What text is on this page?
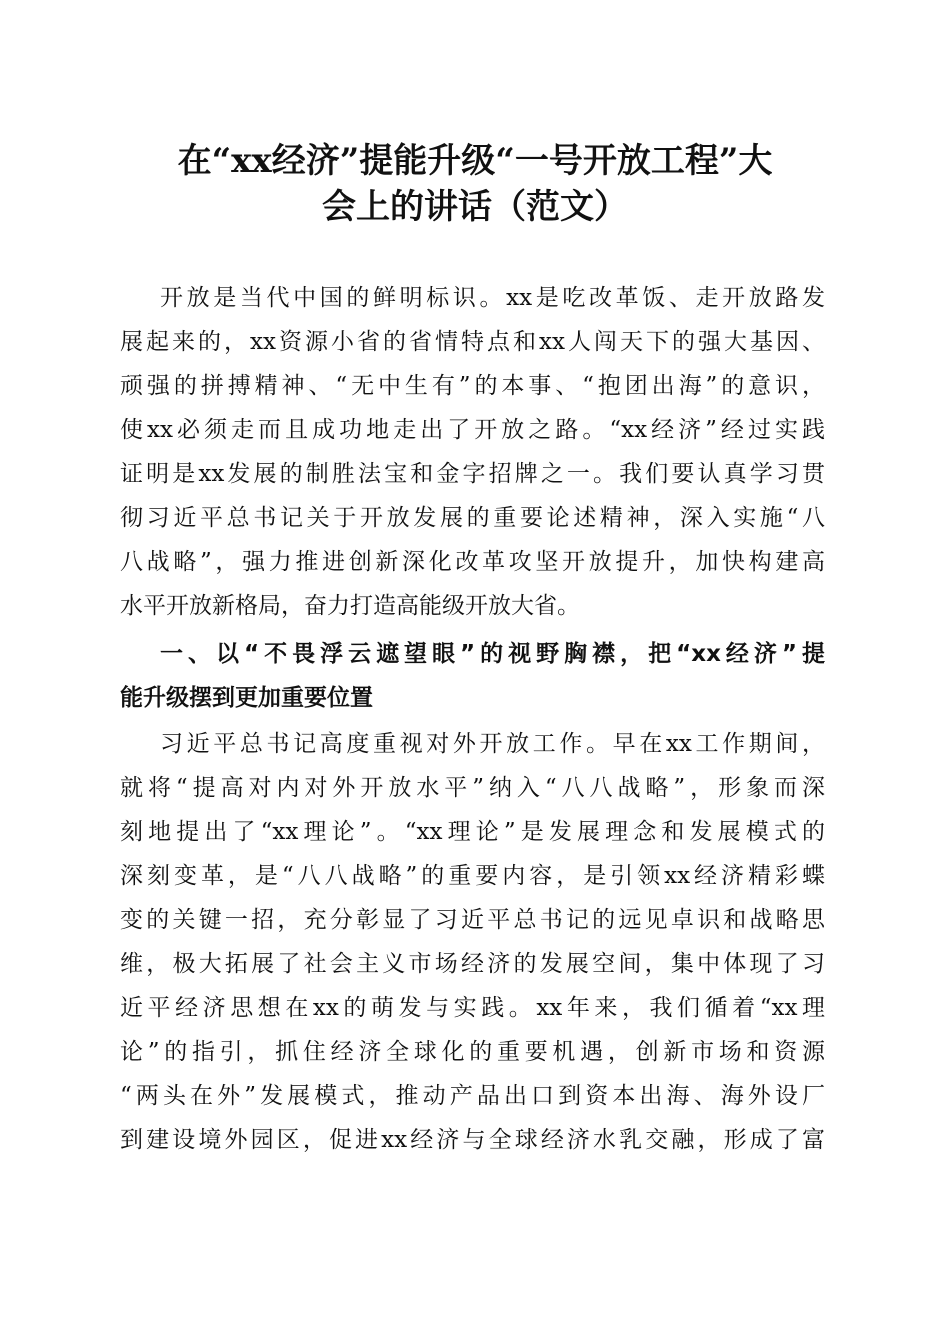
在“xx经济”提能升级“一号开放工程”大
会上的讲话（范文）
开放是当代中国的鲜明标识。xx是吃改革饭、走开放路发
展起来的，xx资源小省的省情特点和xx人闯天下的强大基因、
顽强的拼搏精神、“无中生有”的本事、“抱团出海”的意识，
使xx必须走而且成功地走出了开放之路。“xx经济”经过实践
证明是xx发展的制胜法宝和金字招牌之一。我们要认真学习贯
彻习近平总书记关于开放发展的重要论述精神，深入实施“八
八战略”，强力推进创新深化改革攻坚开放提升，加快构建高
水平开放新格局，奋力打造高能级开放大省。
一、以“不畏浮云遮望眼”的视野胸襟，把“xx经济”提
能升级摆到更加重要位置
习近平总书记高度重视对外开放工作。早在xx工作期间，
就将“提高对内对外开放水平”纳入“八八战略”，形象而深
刻地提出了“xx理论”。“xx理论”是发展理念和发展模式的
深刻变革，是“八八战略”的重要内容，是引领xx经济精彩蝶
变的关键一招，充分彰显了习近平总书记的远见卓识和战略思
维，极大拓展了社会主义市场经济的发展空间，集中体现了习
近平经济思想在xx的萌发与实践。xx年来，我们循着“xx理
论”的指引，抓住经济全球化的重要机遇，创新市场和资源
“两头在外”发展模式，推动产品出口到资本出海、海外设厂
到建设境外园区，促进xx经济与全球经济水乳交融，形成了富
